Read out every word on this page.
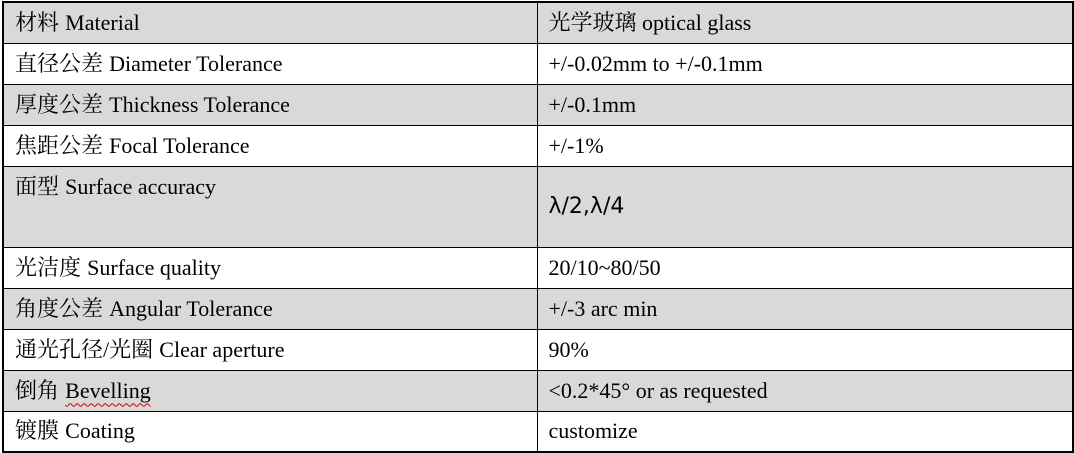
材料 Material	光学玻璃 optical glass
直径公差 Diameter Tolerance	+/-0.02mm to +/-0.1mm
厚度公差 Thickness Tolerance	+/-0.1mm
焦距公差 Focal Tolerance	+/-1%
面型 Surface accuracy	λ/2,λ/4
光洁度 Surface quality	20/10~80/50
角度公差 Angular Tolerance	+/-3 arc min
通光孔径/光圈 Clear aperture	90%
倒角 Bevelling	<0.2*45° or as requested
镀膜 Coating	customize
